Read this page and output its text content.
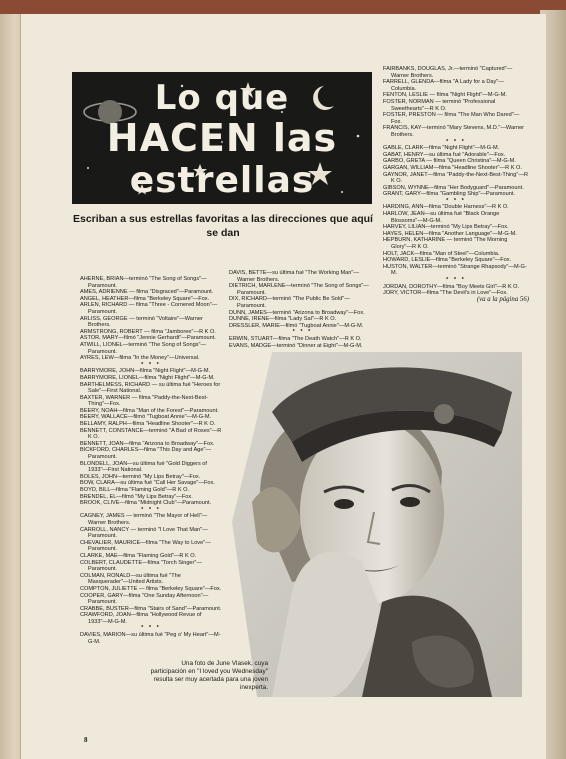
Lo que
HACEN las
estrellas
Escriban a sus estrellas favoritas a las direcciones que aquí se dan
AHERNE, BRIAN—terminó "The Song of Songs"—Paramount.
AMES, ADRIENNE — filma "Disgraced"—Paramount.
ANGEL, HEATHER—filma "Berkeley Square"—Fox.
ARLEN, RICHARD — filma "Three - Cornered Moon"—Paramount.
ARLISS, GEORGE — terminó "Voltaire"—Warner Brothers.
ARMSTRONG, ROBERT — filma "Jamboree"—R K O.
ASTOR, MARY—filmó "Jennie Gerhardt"—Paramount.
ATWILL, LIONEL—terminó "The Song of Songs"—Paramount.
AYRES, LEW—filma "In the Money"—Universal.
* * *
BARRYMORE, JOHN—filma "Night Flight"—M-G-M.
BARRYMORE, LIONEL—filma "Night Flight"—M-G-M.
BARTHELMESS, RICHARD — su última fué "Heroes for Sale"—First National.
BAXTER, WARNER — filma "Paddy-the-Next-Best-Thing"—Fox.
BEERY, NOAH—filma "Man of the Forest"—Paramount.
BEERY, WALLACE—filmó "Tugboat Annie"—M-G-M.
BELLAMY, RALPH—filma "Headline Shooter"—R K O.
BENNETT, CONSTANCE—terminó "A Bad of Roses"—R K O.
BENNETT, JOAN—filma "Arizona to Broadway"—Fox.
BICKFORD, CHARLES—filma "This Day and Age"—Paramount.
BLONDELL, JOAN—su última fué "Gold Diggers of 1933"—First National.
BOLES, JOHN—terminó "My Lips Betray"—Fox.
BOW, CLARA—su última fué "Call Her Savage"—Fox.
BOYD, BILL—filma "Flaming Gold"—R K O.
BRENDEL, EL—filmó "My Lips Betray"—Fox.
BROOK, CLIVE—filma "Midnight Club"—Paramount.
* * *
CAGNEY, JAMES — terminó "The Mayor of Hell"—Warner Brothers.
CARROLL, NANCY — terminó "I Love That Man"—Paramount.
CHEVALIER, MAURICE—filma "The Way to Love"—Paramount.
CLARKE, MAE—filma "Flaming Gold"—R K O.
COLBERT, CLAUDETTE—filma "Torch Singer"—Paramount.
COLMAN, RONALD—su última fué "The Masquerader"—United Artists.
COMPTON, JULIETTE — filma "Berkeley Square"—Fox.
COOPER, GARY—filma "One Sunday Afternoon"—Paramount.
CRABBE, BUSTER—filma "Stairs of Sand"—Paramount.
CRAWFORD, JOAN—filma "Hollywood Revue of 1933"—M-G-M.
* * *
DAVIES, MARION—su última fué "Peg o' My Heart"—M-G-M.
DAVIS, BETTE—su última fué "The Working Man"—Warner Brothers.
DIETRICH, MARLENE—terminó "The Song of Songs"—Paramount.
DIX, RICHARD—terminó "The Public Be Sold"—Paramount.
DUNN, JAMES—terminó "Arizona to Broadway"—Fox.
DUNNE, IRENE—filma "Lady Sal"—R K O.
DRESSLER, MARIE—filmó "Tugboat Annie"—M-G-M.
* * *
ERWIN, STUART—filma "The Death Watch"—R K O.
EVANS, MADGE—terminó "Dinner at Eight"—M-G-M.
FAIRBANKS, DOUGLAS, Jr.—terminó "Captured"—Warner Brothers.
FARRELL, GLENDA—filma "A Lady for a Day"—Columbia.
FENTON, LESLIE — filma "Night Flight"—M-G-M.
FOSTER, NORMAN — terminó "Professional Sweethearts"—R K O.
FOSTER, PRESTON — filma "The Man Who Dared"—Fox.
FRANCIS, KAY—terminó "Mary Stevens, M.D."—Warner Brothers.
* * *
GABLE, CLARK—filma "Night Flight"—M-G-M.
GABAT, HENRY—su última fué "Adorable"—Fox.
GARBO, GRETA — filma "Queen Christina"—M-G-M.
GARGAN, WILLIAM—filma "Headline Shooter"—R K O.
GAYNOR, JANET—filma "Paddy-the-Next-Best-Thing"—R K O.
GIBSON, WYNNE—filma "Her Bodyguard"—Paramount.
GRANT, GARY—filma "Gambling Ship"—Paramount.
* * *
HARDING, ANN—filma "Double Harness"—R K O.
HARLOW, JEAN—su última fué "Black Orange Blossoms"—M-G-M.
HARVEY, LILIAN—terminó "My Lips Betray"—Fox.
HAYES, HELEN—filma "Another Language"—M-G-M.
HEPBURN, KATHARINE — terminó "The Morning Glory"—R K O.
HOLT, JACK—filma "Man of Steel"—Columbia.
HOWARD, LESLIE—filma "Berkeley Square"—Fox.
HUSTON, WALTER—terminó "Strange Rhapsody"—M-G-M.
* * *
JORDAN, DOROTHY—filma "Boy Meets Girl"—R K O.
JORY, VICTOR—filma "The Devil's in Love"—Fox.
(va a la página 56)
Una foto de June Vlasek, cuya participación en "I loved you Wednesday" resulta ser muy acertada para una joven inexperta.
8
